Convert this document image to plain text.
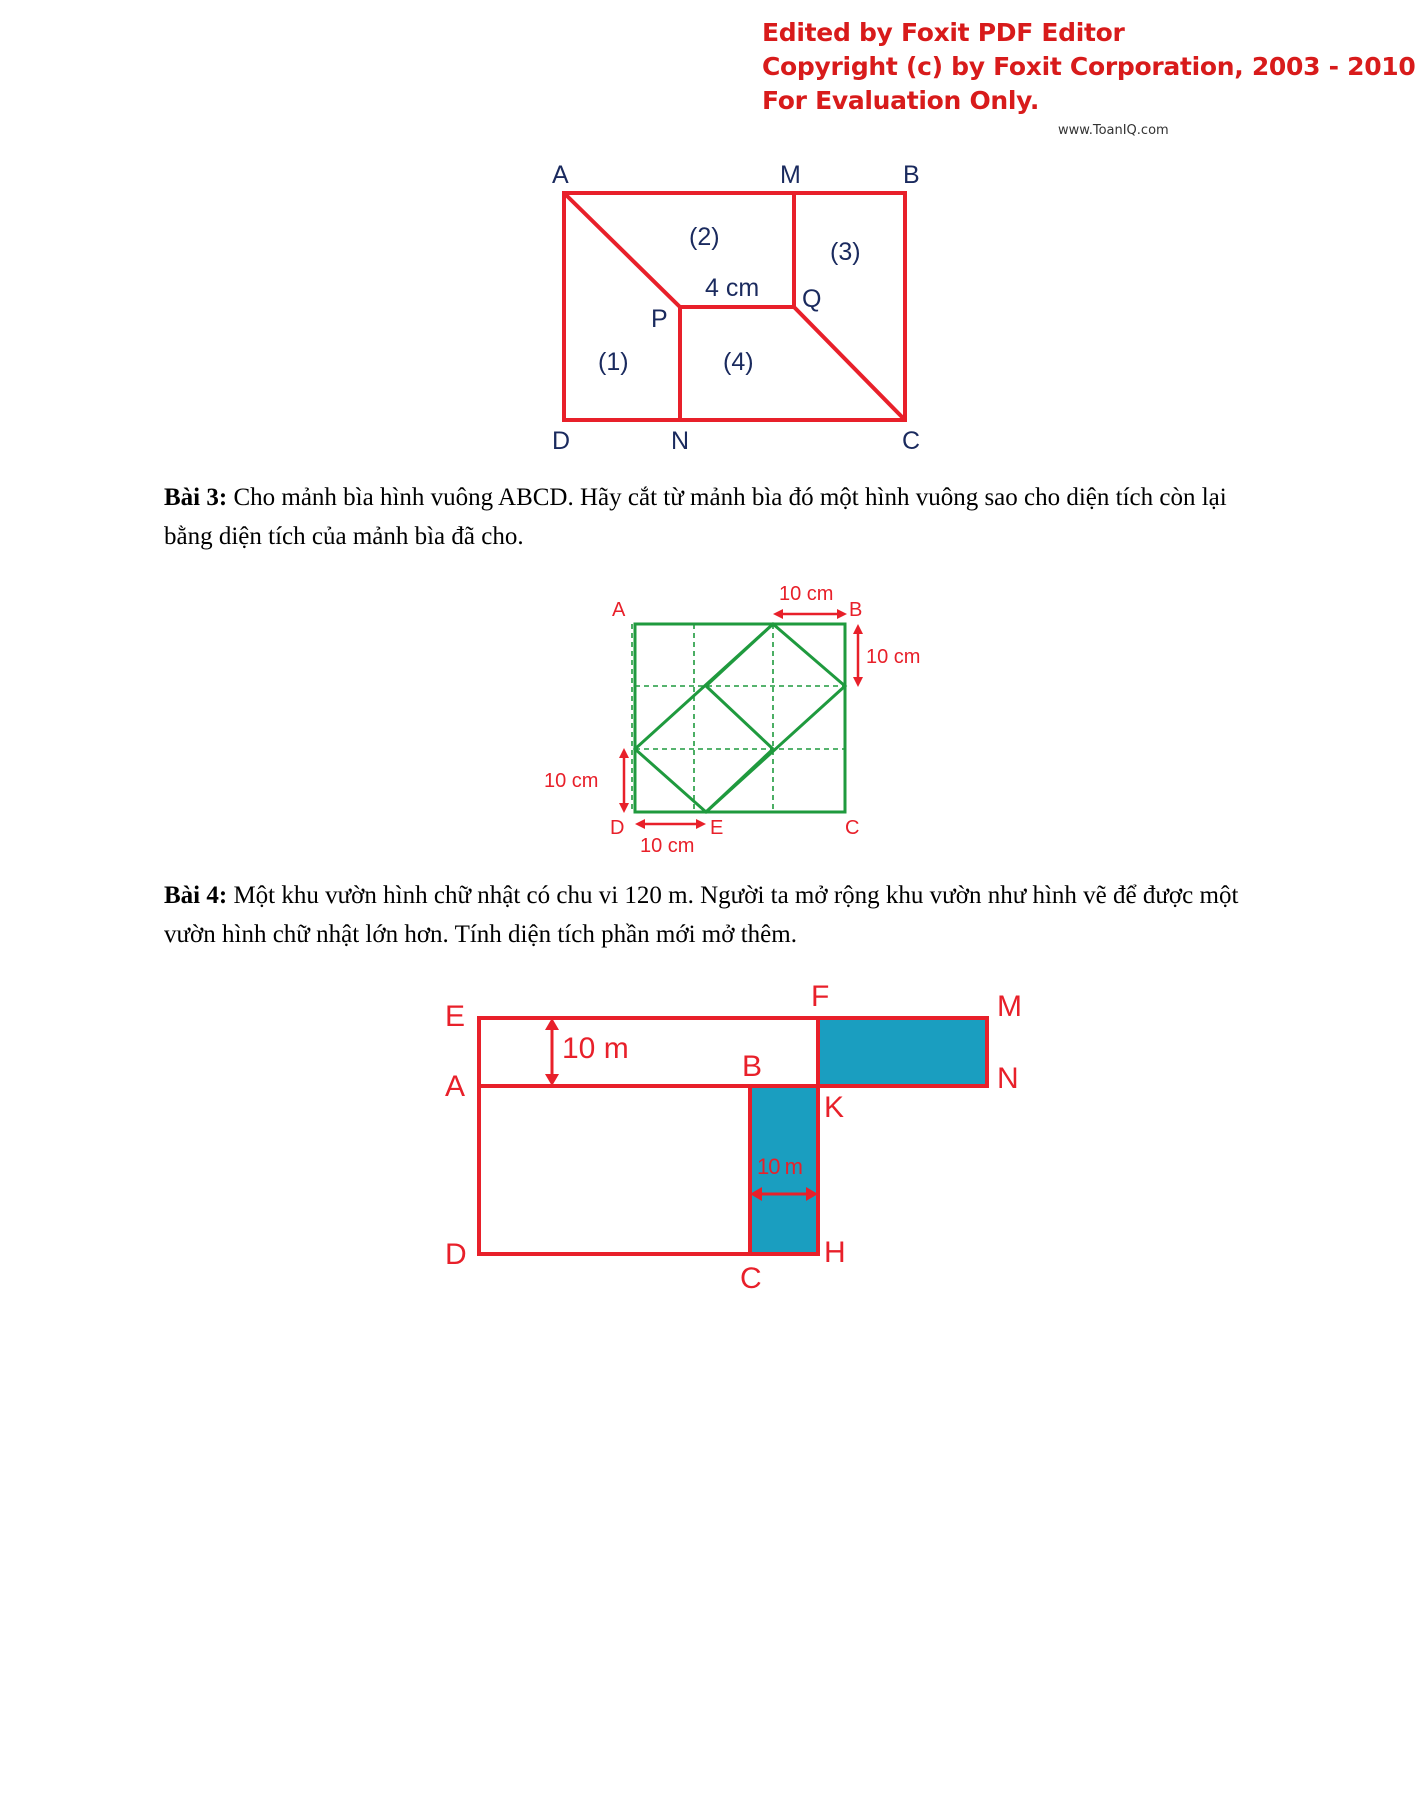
Edited by Foxit PDF Editor
Copyright (c) by Foxit Corporation, 2003 - 2010
For Evaluation Only.
www.ToanIQ.com
A	M	B
P
Q
D	N	C
(1)
(2)
(3)
(4)
4 cm
Bài 3: Cho mảnh bìa hình vuông ABCD. Hãy cắt từ mảnh bìa đó một hình vuông sao cho diện tích còn lại bằng diện tích của mảnh bìa đã cho.
A	B
C
D	E
10 cm
10 cm
10 cm
10 cm
Bài 4: Một khu vườn hình chữ nhật có chu vi 120 m. Người ta mở rộng khu vườn như hình vẽ để được một vườn hình chữ nhật lớn hơn. Tính diện tích phần mới mở thêm.
E
A
D
F	M
B	N
K
C
H
10 m
10 m
